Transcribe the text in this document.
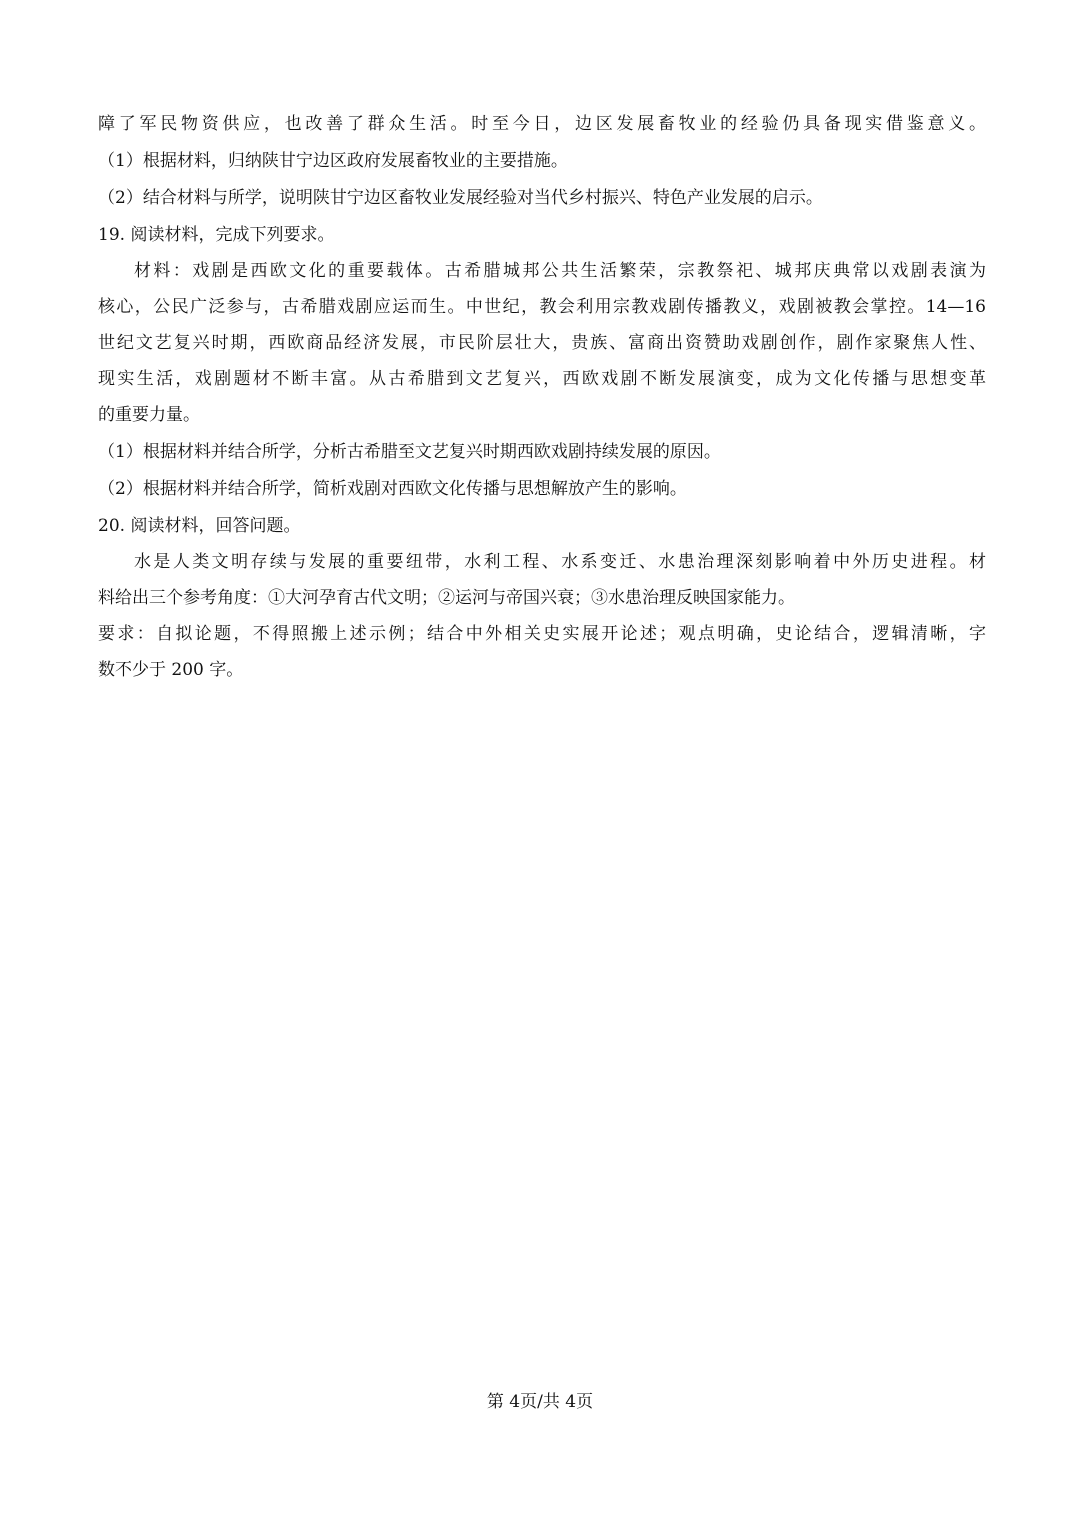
障了军民物资供应，也改善了群众生活。时至今日，边区发展畜牧业的经验仍具备现实借鉴意义。
（1）根据材料，归纳陕甘宁边区政府发展畜牧业的主要措施。
（2）结合材料与所学，说明陕甘宁边区畜牧业发展经验对当代乡村振兴、特色产业发展的启示。
19. 阅读材料，完成下列要求。
材料：戏剧是西欧文化的重要载体。古希腊城邦公共生活繁荣，宗教祭祀、城邦庆典常以戏剧表演为
核心，公民广泛参与，古希腊戏剧应运而生。中世纪，教会利用宗教戏剧传播教义，戏剧被教会掌控。14—16
世纪文艺复兴时期，西欧商品经济发展，市民阶层壮大，贵族、富商出资赞助戏剧创作，剧作家聚焦人性、
现实生活，戏剧题材不断丰富。从古希腊到文艺复兴，西欧戏剧不断发展演变，成为文化传播与思想变革
的重要力量。
（1）根据材料并结合所学，分析古希腊至文艺复兴时期西欧戏剧持续发展的原因。
（2）根据材料并结合所学，简析戏剧对西欧文化传播与思想解放产生的影响。
20. 阅读材料，回答问题。
水是人类文明存续与发展的重要纽带，水利工程、水系变迁、水患治理深刻影响着中外历史进程。材
料给出三个参考角度：①大河孕育古代文明；②运河与帝国兴衰；③水患治理反映国家能力。
要求：自拟论题，不得照搬上述示例；结合中外相关史实展开论述；观点明确，史论结合，逻辑清晰，字
数不少于 200 字。
第 4页/共 4页
